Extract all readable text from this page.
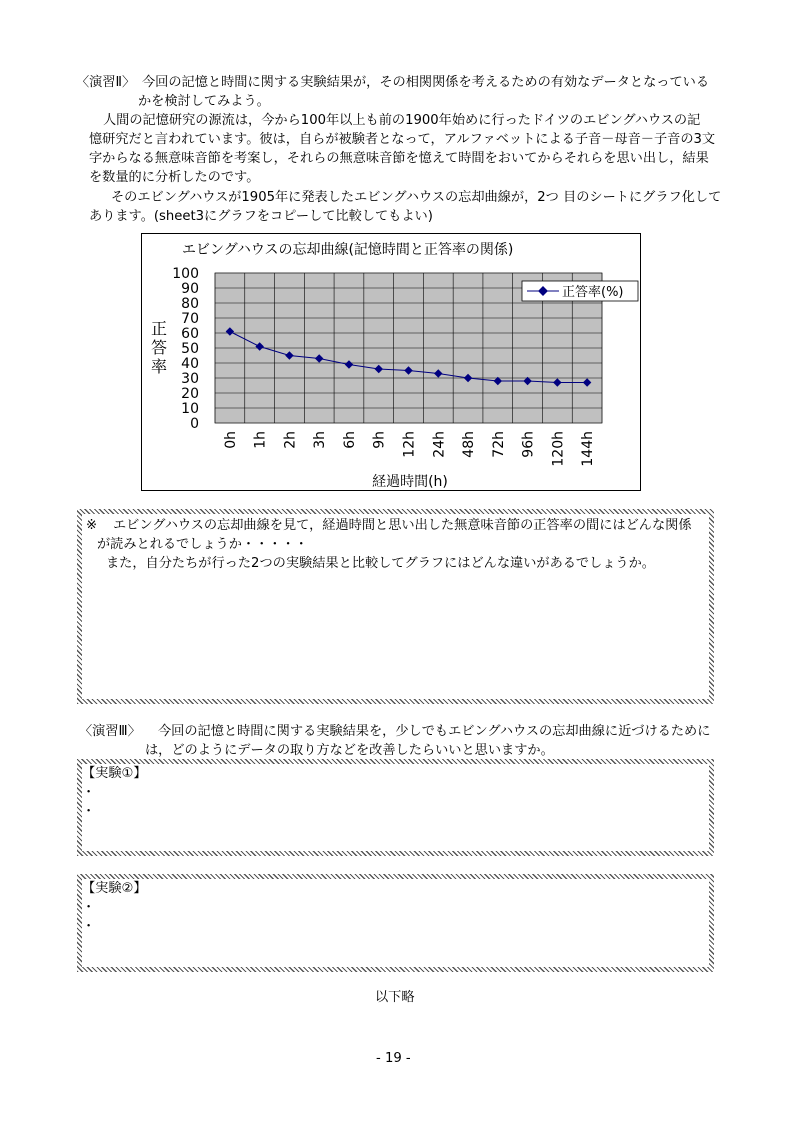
〈演習Ⅱ〉 今回の記憶と時間に関する実験結果が，その相関関係を考えるための有効なデータとなっている
かを検討してみよう。
人間の記憶研究の源流は，今から100年以上も前の1900年始めに行ったドイツのエビングハウスの記
憶研究だと言われています。彼は，自らが被験者となって，アルファベットによる子音－母音－子音の3文
字からなる無意味音節を考案し，それらの無意味音節を憶えて時間をおいてからそれらを思い出し，結果
を数量的に分析したのです。
そのエビングハウスが1905年に発表したエビングハウスの忘却曲線が，2つ 目のシートにグラフ化して
あります。(sheet3にグラフをコピーして比較してもよい)
エビングハウスの忘却曲線(記憶時間と正答率の関係)
100
90
80
70
60
50
40
30
20
10
0
0h 1h 2h 3h 6h 9h 12h 24h 48h 72h 96h 120h 144h
正
答
率
経過時間(h)
正答率(%)
※ エビングハウスの忘却曲線を見て，経過時間と思い出した無意味音節の正答率の間にはどんな関係
が読みとれるでしょうか・・・・・
また，自分たちが行った2つの実験結果と比較してグラフにはどんな違いがあるでしょうか。
〈演習Ⅲ〉 今回の記憶と時間に関する実験結果を，少しでもエビングハウスの忘却曲線に近づけるために
は，どのようにデータの取り方などを改善したらいいと思いますか。
【実験①】
・
・
【実験②】
・
・
以下略
- 19 -
